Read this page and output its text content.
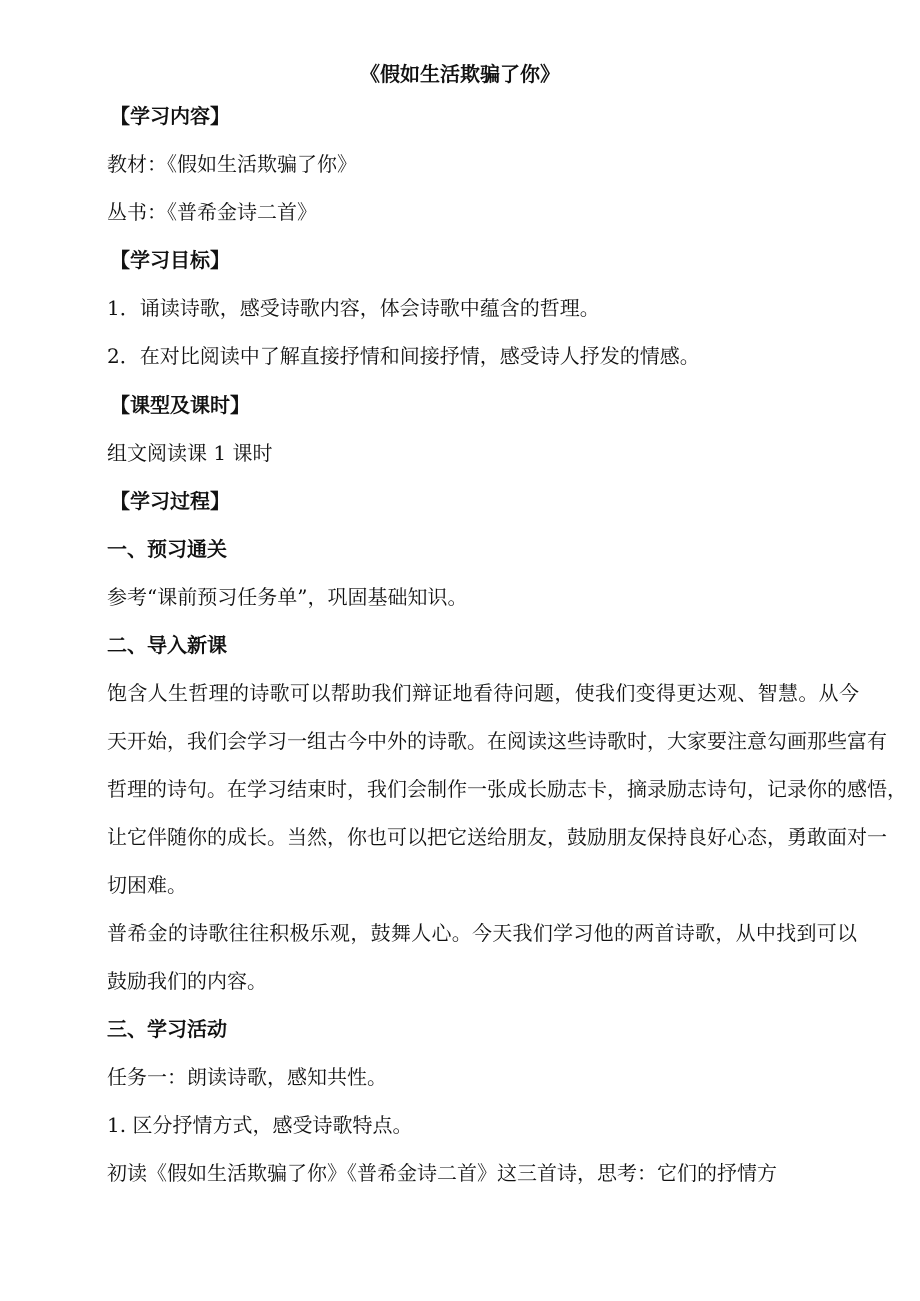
《假如生活欺骗了你》
【学习内容】
教材：《假如生活欺骗了你》
丛书：《普希金诗二首》
【学习目标】
1．诵读诗歌，感受诗歌内容，体会诗歌中蕴含的哲理。
2．在对比阅读中了解直接抒情和间接抒情，感受诗人抒发的情感。
【课型及课时】
组文阅读课 1 课时
【学习过程】
一、预习通关
参考“课前预习任务单”，巩固基础知识。
二、导入新课
饱含人生哲理的诗歌可以帮助我们辩证地看待问题，使我们变得更达观、智慧。从今
天开始，我们会学习一组古今中外的诗歌。在阅读这些诗歌时，大家要注意勾画那些富有
哲理的诗句。在学习结束时，我们会制作一张成长励志卡，摘录励志诗句，记录你的感悟，
让它伴随你的成长。当然，你也可以把它送给朋友，鼓励朋友保持良好心态，勇敢面对一
切困难。
普希金的诗歌往往积极乐观，鼓舞人心。今天我们学习他的两首诗歌，从中找到可以
鼓励我们的内容。
三、学习活动
任务一：朗读诗歌，感知共性。
1. 区分抒情方式，感受诗歌特点。
初读《假如生活欺骗了你》《普希金诗二首》这三首诗，思考：它们的抒情方
